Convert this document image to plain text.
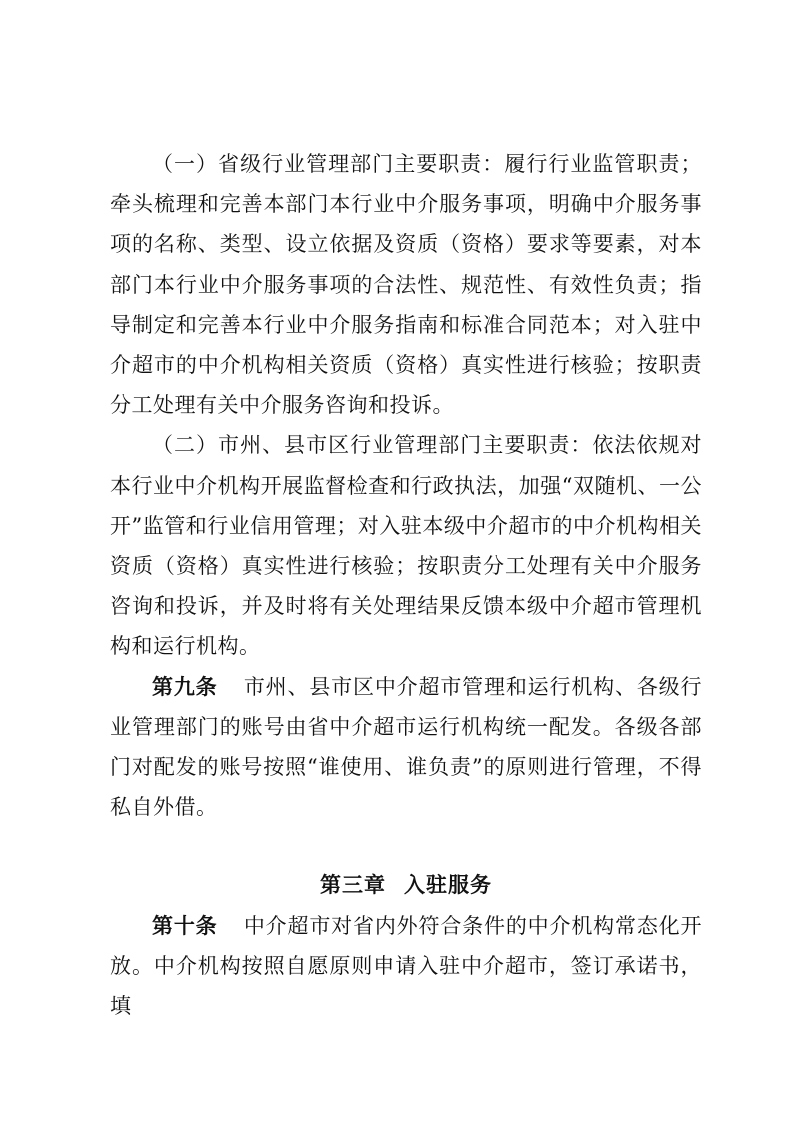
（一）省级行业管理部门主要职责：履行行业监管职责；牵头梳理和完善本部门本行业中介服务事项，明确中介服务事项的名称、类型、设立依据及资质（资格）要求等要素，对本部门本行业中介服务事项的合法性、规范性、有效性负责；指导制定和完善本行业中介服务指南和标准合同范本；对入驻中介超市的中介机构相关资质（资格）真实性进行核验；按职责分工处理有关中介服务咨询和投诉。

（二）市州、县市区行业管理部门主要职责：依法依规对本行业中介机构开展监督检查和行政执法，加强“双随机、一公开”监管和行业信用管理；对入驻本级中介超市的中介机构相关资质（资格）真实性进行核验；按职责分工处理有关中介服务咨询和投诉，并及时将有关处理结果反馈本级中介超市管理机构和运行机构。

第九条 市州、县市区中介超市管理和运行机构、各级行业管理部门的账号由省中介超市运行机构统一配发。各级各部门对配发的账号按照“谁使用、谁负责”的原则进行管理，不得私自外借。

第三章 入驻服务

第十条 中介超市对省内外符合条件的中介机构常态化开放。中介机构按照自愿原则申请入驻中介超市，签订承诺书，填
